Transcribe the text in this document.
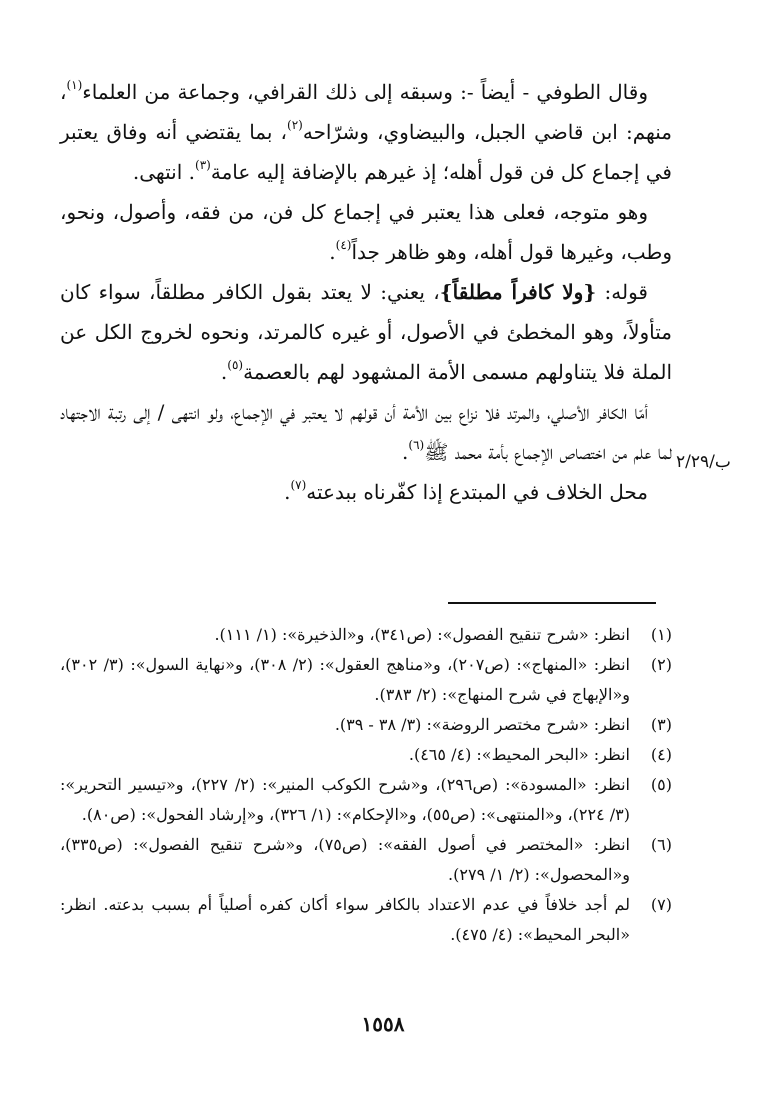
وقال الطوفي - أيضاً -: وسبقه إلى ذلك القرافي، وجماعة من العلماء$^{(١)}$، منهم: ابن قاضي الجبل، والبيضاوي، وشرّاحه$^{(٢)}$، بما يقتضي أنه وفاق يعتبر في إجماع كل فن قول أهله؛ إذ غيرهم بالإضافة إليه عامة$^{(٣)}$. انتهى.

وهو متوجه، فعلى هذا يعتبر في إجماع كل فن، من فقه، وأصول، ونحو، وطب، وغيرها قول أهله، وهو ظاهر جداً$^{(٤)}$.

قوله: {ولا كافراً مطلقاً}، يعني: لا يعتد بقول الكافر مطلقاً، سواء كان متأولاً، وهو المخطئ في الأصول، أو غيره كالمرتد، ونحوه لخروج الكل عن الملة فلا يتناولهم مسمى الأمة المشهود لهم بالعصمة$^{(٥)}$.

أمّا الكافر الأصلي، والمرتد فلا نزاع بين الأمة أن قولهم لا يعتبر في الإجماع، ولو انتهى / إلى رتبة الاجتهاد لما علم من اختصاص الإجماع بأمة محمد ﷺ$^{(٦)}$.

محل الخلاف في المبتدع إذا كفّرناه ببدعته$^{(٧)}$.

ب/٢/٢٩
(١)
انظر: «شرح تنقيح الفصول»: (ص٣٤١)، و«الذخيرة»: (١/ ١١١).
(٢)
انظر: «المنهاج»: (ص٢٠٧)، و«مناهج العقول»: (٢/ ٣٠٨)، و«نهاية السول»: (٣/ ٣٠٢)، و«الإبهاج في شرح المنهاج»: (٢/ ٣٨٣).
(٣)
انظر: «شرح مختصر الروضة»: (٣/ ٣٨ - ٣٩).
(٤)
انظر: «البحر المحيط»: (٤/ ٤٦٥).
(٥)
انظر: «المسودة»: (ص٢٩٦)، و«شرح الكوكب المنير»: (٢/ ٢٢٧)، و«تيسير التحرير»: (٣/ ٢٢٤)، و«المنتهى»: (ص٥٥)، و«الإحكام»: (١/ ٣٢٦)، و«إرشاد الفحول»: (ص٨٠).
(٦)
انظر: «المختصر في أصول الفقه»: (ص٧٥)، و«شرح تنقيح الفصول»: (ص٣٣٥)، و«المحصول»: (٢/ ١/ ٢٧٩).
(٧)
لم أجد خلافاً في عدم الاعتداد بالكافر سواء أكان كفره أصلياً أم بسبب بدعته. انظر: «البحر المحيط»: (٤/ ٤٧٥).
١٥٥٨
